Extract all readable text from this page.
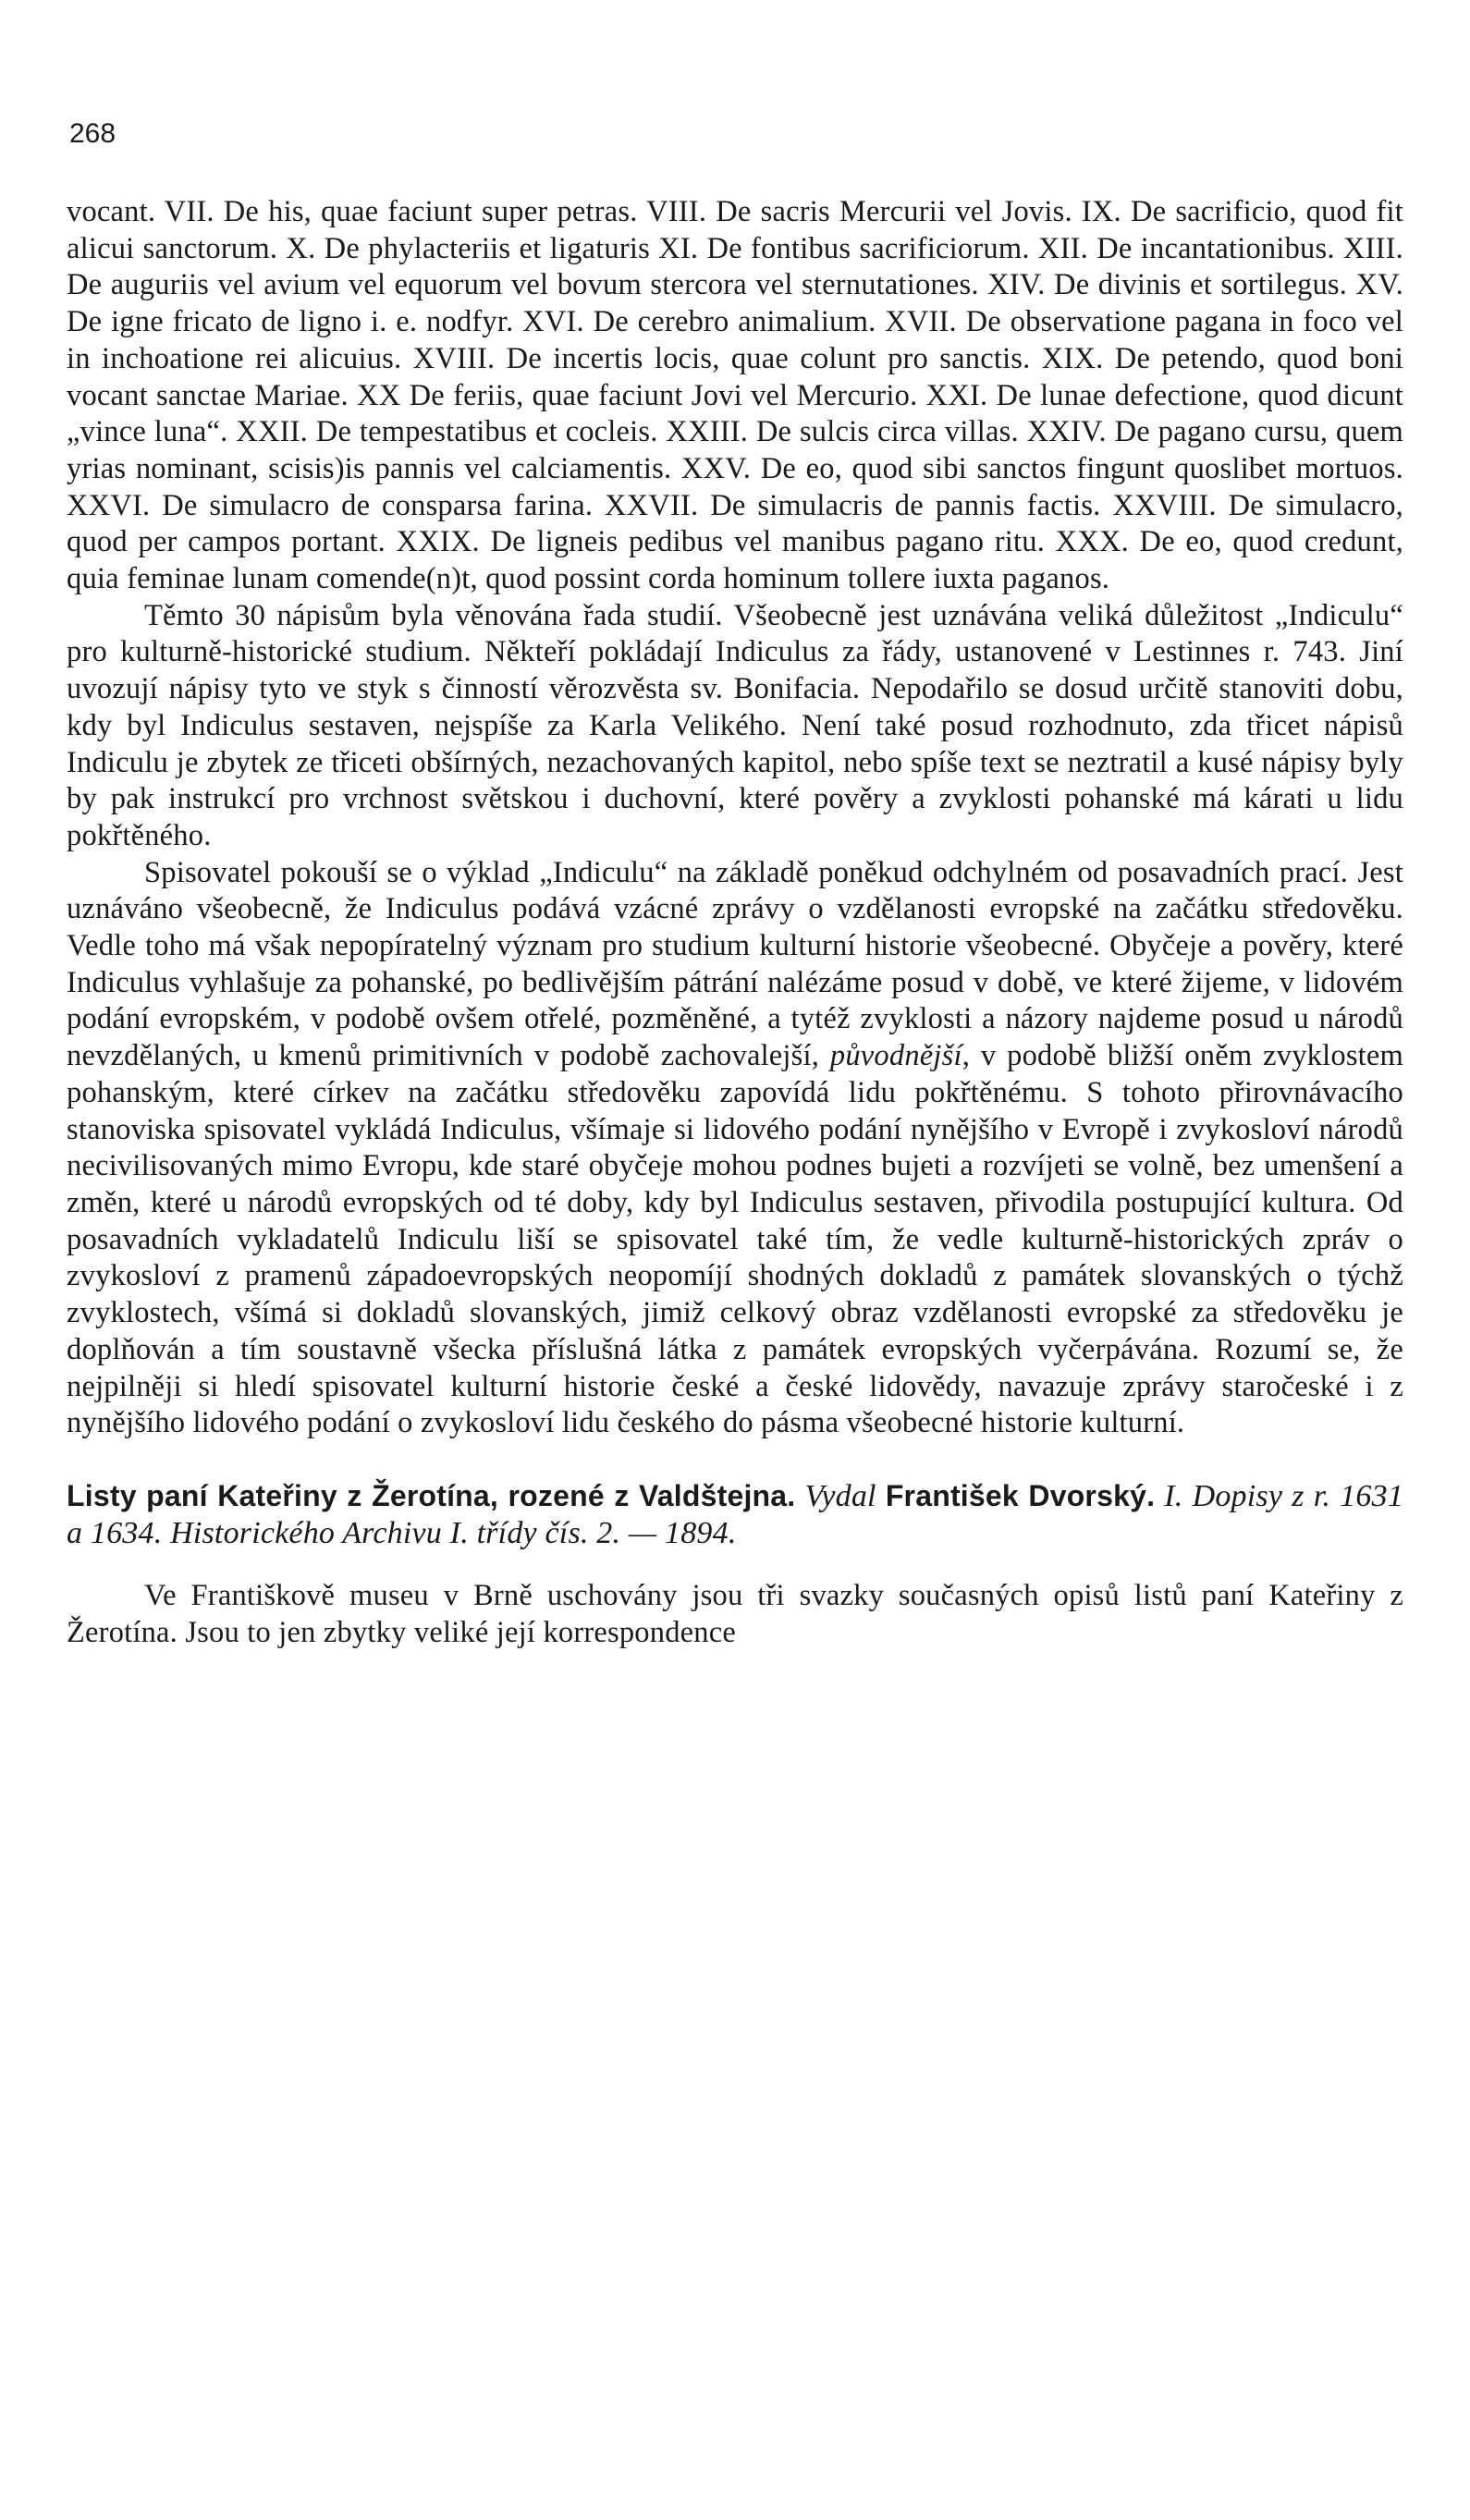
268

vocant. VII. De his, quae faciunt super petras. VIII. De sacris Mercurii vel Jovis. IX. De sacrificio, quod fit alicui sanctorum. X. De phylacteriis et ligaturis XI. De fontibus sacrificiorum. XII. De incantationibus. XIII. De auguriis vel avium vel equorum vel bovum stercora vel sternutationes. XIV. De divinis et sortilegus. XV. De igne fricato de ligno i. e. nodfyr. XVI. De cerebro animalium. XVII. De observatione pagana in foco vel in inchoatione rei alicuius. XVIII. De incertis locis, quae colunt pro sanctis. XIX. De petendo, quod boni vocant sanctae Mariae. XX De feriis, quae faciunt Jovi vel Mercurio. XXI. De lunae defectione, quod dicunt „vince luna“. XXII. De tempestatibus et cocleis. XXIII. De sulcis circa villas. XXIV. De pagano cursu, quem yrias nominant, scisis)is pannis vel calciamentis. XXV. De eo, quod sibi sanctos fingunt quoslibet mortuos. XXVI. De simulacro de consparsa farina. XXVII. De simulacris de pannis factis. XXVIII. De simulacro, quod per campos portant. XXIX. De ligneis pedibus vel manibus pagano ritu. XXX. De eo, quod credunt, quia feminae lunam comende(n)t, quod possint corda hominum tollere iuxta paganos.

Těmto 30 nápisům byla věnována řada studií. Všeobecně jest uznávána veliká důležitost „Indiculu“ pro kulturně-historické studium. Někteří pokládají Indiculus za řády, ustanovené v Lestinnes r. 743. Jiní uvozují nápisy tyto ve styk s činností věrozvěsta sv. Bonifacia. Nepodařilo se dosud určitě stanoviti dobu, kdy byl Indiculus sestaven, nejspíše za Karla Velikého. Není také posud rozhodnuto, zda třicet nápisů Indiculu je zbytek ze třiceti obšírných, nezachovaných kapitol, nebo spíše text se neztratil a kusé nápisy byly by pak instrukcí pro vrchnost světskou i duchovní, které pověry a zvyklosti pohanské má kárati u lidu pokřtěného.

Spisovatel pokouší se o výklad „Indiculu“ na základě poněkud odchylném od posavadních prací. Jest uznáváno všeobecně, že Indiculus podává vzácné zprávy o vzdělanosti evropské na začátku středověku. Vedle toho má však nepopíratelný význam pro studium kulturní historie všeobecné. Obyčeje a pověry, které Indiculus vyhlašuje za pohanské, po bedlivějším pátrání nalézáme posud v době, ve které žijeme, v lidovém podání evropském, v podobě ovšem otřelé, pozměněné, a tytéž zvyklosti a názory najdeme posud u národů nevzdělaných, u kmenů primitivních v podobě zachovalejší, původnější, v podobě bližší oněm zvyklostem pohanským, které církev na začátku středověku zapovídá lidu pokřtěnému. S tohoto přirovnávacího stanoviska spisovatel vykládá Indiculus, všímaje si lidového podání nynějšího v Evropě i zvykosloví národů necivilisovaných mimo Evropu, kde staré obyčeje mohou podnes bujeti a rozvíjeti se volně, bez umenšení a změn, které u národů evropských od té doby, kdy byl Indiculus sestaven, přivodila postupující kultura. Od posavadních vykladatelů Indiculu liší se spisovatel také tím, že vedle kulturně-historických zpráv o zvykosloví z pramenů západoevropských neopomíjí shodných dokladů z památek slovanských o týchž zvyklostech, všímá si dokladů slovanských, jimiž celkový obraz vzdělanosti evropské za středověku je doplňován a tím soustavně všecka příslušná látka z památek evropských vyčerpávána. Rozumí se, že nejpilněji si hledí spisovatel kulturní historie české a české lidovědy, navazuje zprávy staročeské i z nynějšího lidového podání o zvykosloví lidu českého do pásma všeobecné historie kulturní.

Listy paní Kateřiny z Žerotína, rozené z Valdštejna. Vydal František Dvorský. I. Dopisy z r. 1631 a 1634. Historického Archivu I. třídy čís. 2. — 1894.

Ve Františkově museu v Brně uschovány jsou tři svazky současných opisů listů paní Kateřiny z Žerotína. Jsou to jen zbytky veliké její korrespondence
